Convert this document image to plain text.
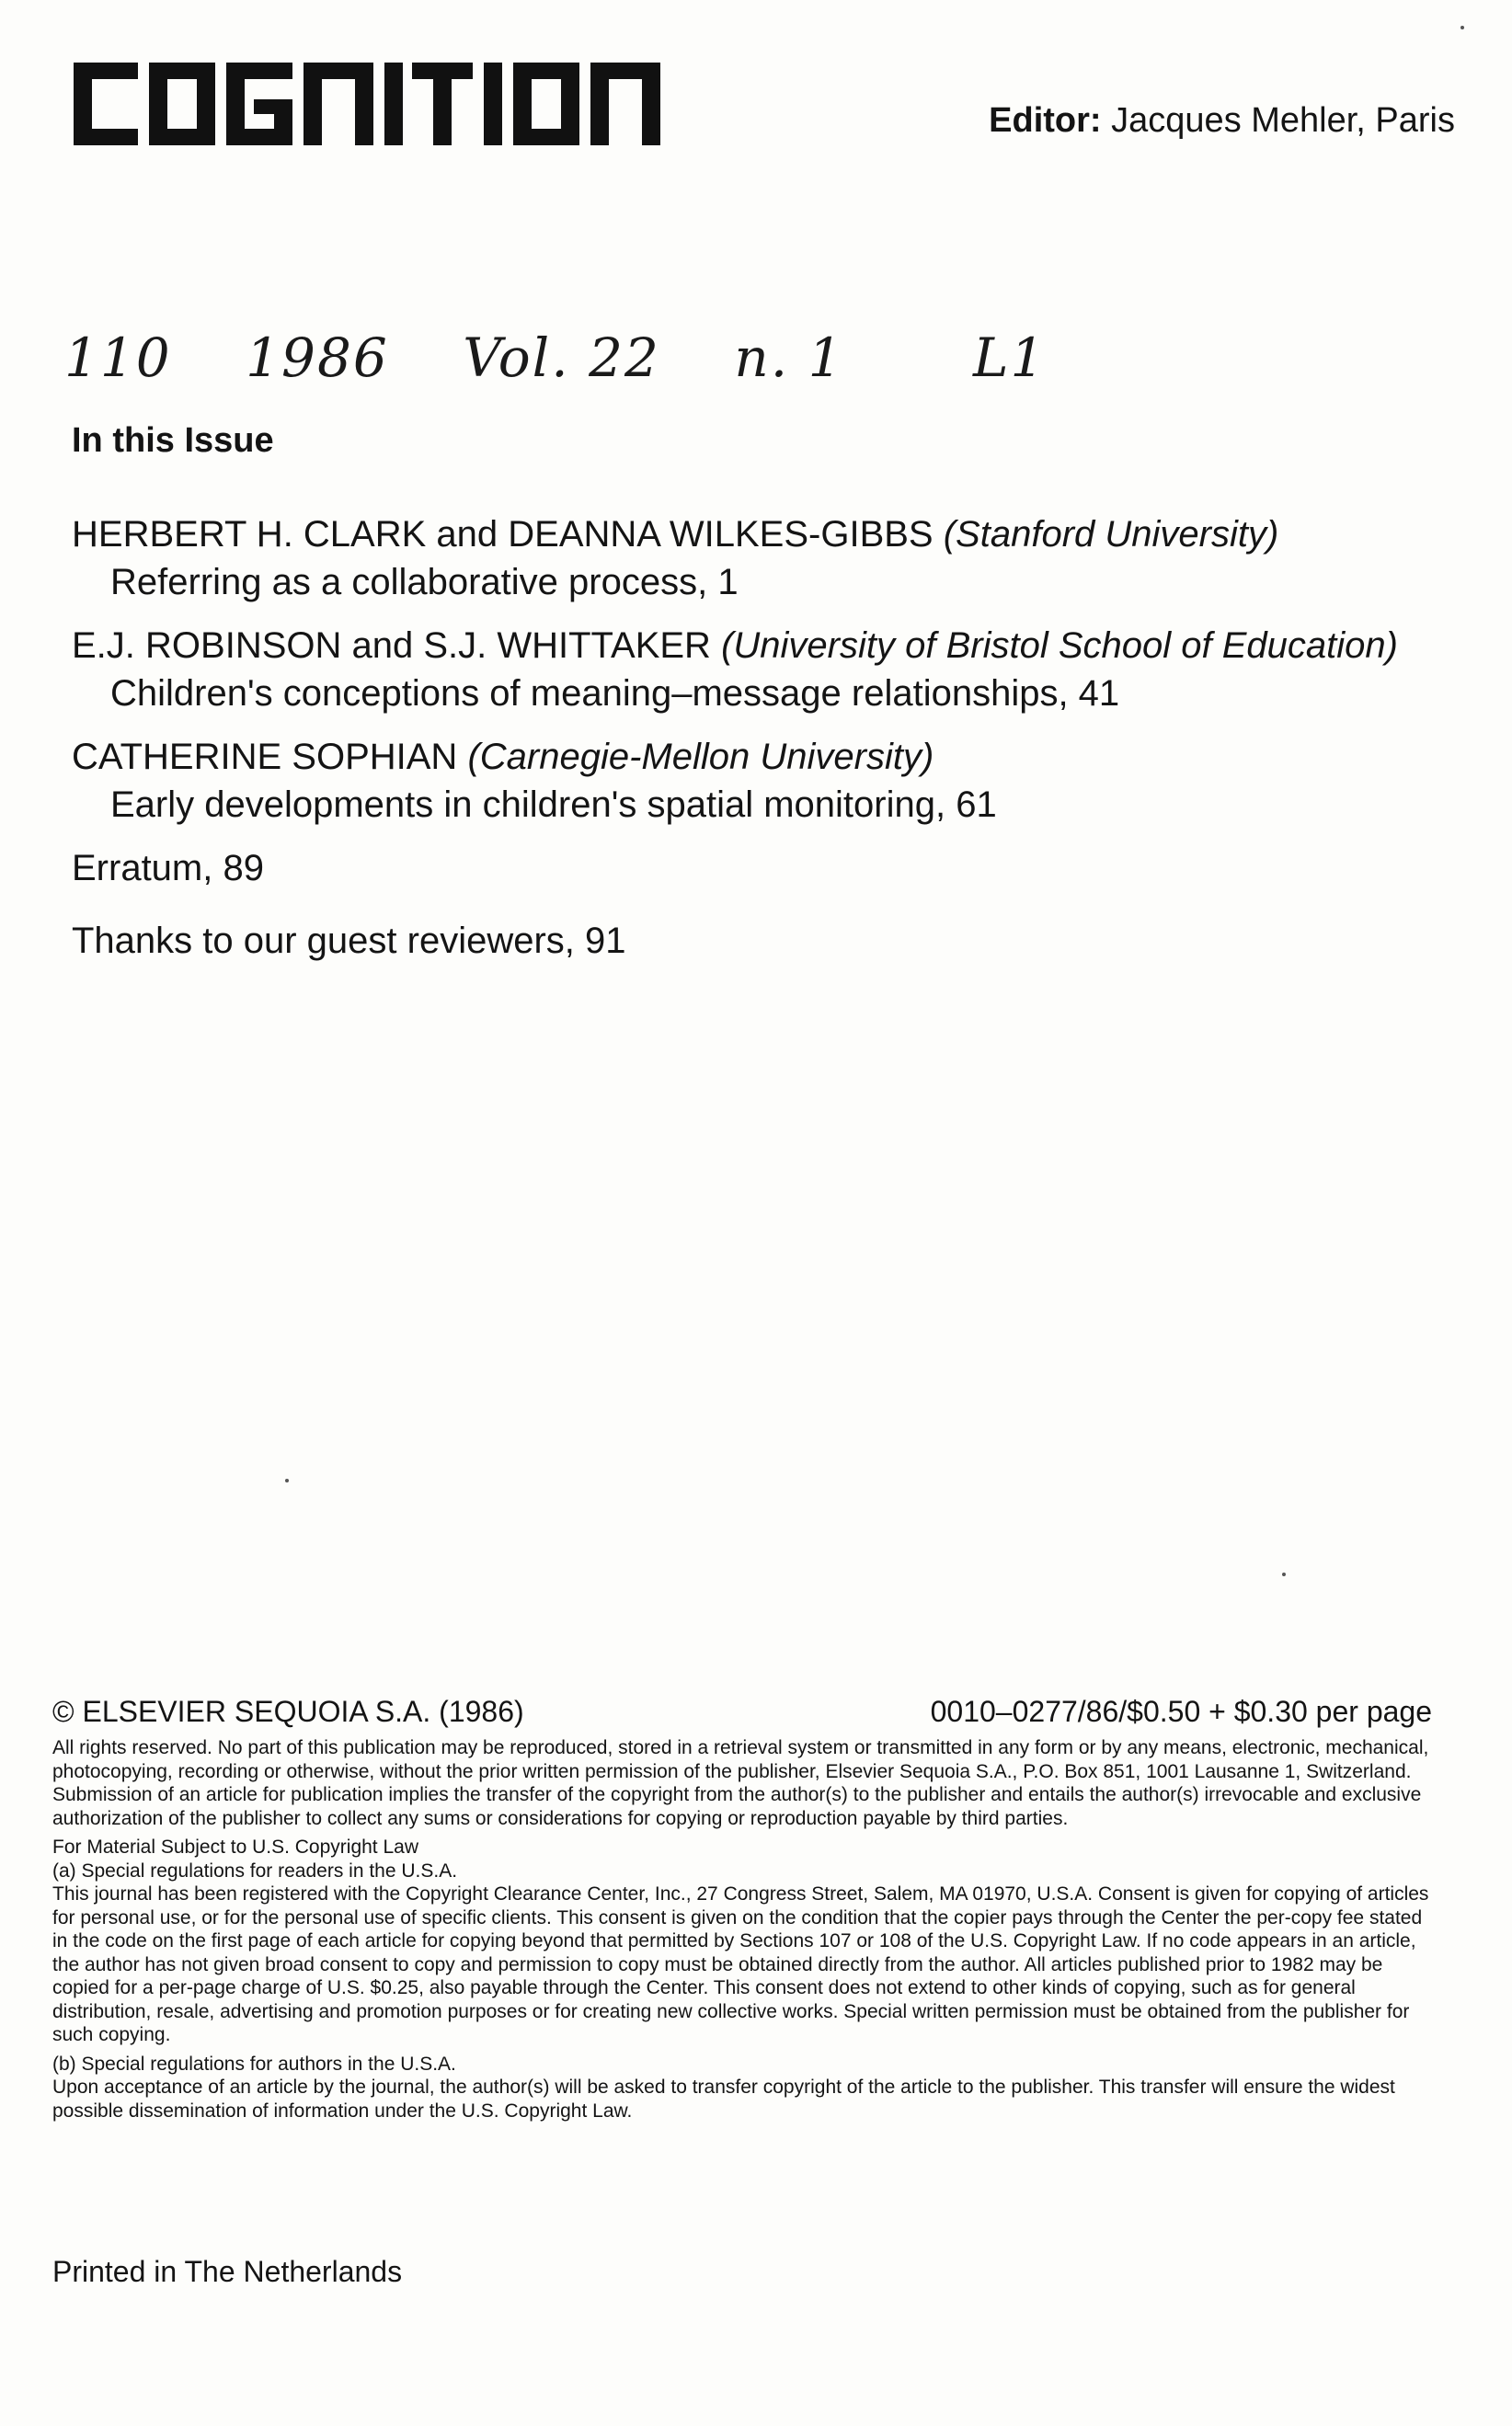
Editor: Jacques Mehler, Paris
110 1986 Vol. 22 n. 1 L1
In this Issue
HERBERT H. CLARK and DEANNA WILKES-GIBBS (Stanford University)
Referring as a collaborative process, 1
E.J. ROBINSON and S.J. WHITTAKER (University of Bristol School of Education)
Children's conceptions of meaning–message relationships, 41
CATHERINE SOPHIAN (Carnegie-Mellon University)
Early developments in children's spatial monitoring, 61
Erratum, 89
Thanks to our guest reviewers, 91
© ELSEVIER SEQUOIA S.A. (1986)	0010–0277/86/$0.50 + $0.30 per page
All rights reserved. No part of this publication may be reproduced, stored in a retrieval system or transmitted in any form or by any means, electronic, mechanical, photocopying, recording or otherwise, without the prior written permission of the publisher, Elsevier Sequoia S.A., P.O. Box 851, 1001 Lausanne 1, Switzerland.
Submission of an article for publication implies the transfer of the copyright from the author(s) to the publisher and entails the author(s) irrevocable and exclusive authorization of the publisher to collect any sums or considerations for copying or reproduction payable by third parties.
For Material Subject to U.S. Copyright Law
(a) Special regulations for readers in the U.S.A.
This journal has been registered with the Copyright Clearance Center, Inc., 27 Congress Street, Salem, MA 01970, U.S.A. Consent is given for copying of articles for personal use, or for the personal use of specific clients. This consent is given on the condition that the copier pays through the Center the per-copy fee stated in the code on the first page of each article for copying beyond that permitted by Sections 107 or 108 of the U.S. Copyright Law. If no code appears in an article, the author has not given broad consent to copy and permission to copy must be obtained directly from the author. All articles published prior to 1982 may be copied for a per-page charge of U.S. $0.25, also payable through the Center. This consent does not extend to other kinds of copying, such as for general distribution, resale, advertising and promotion purposes or for creating new collective works. Special written permission must be obtained from the publisher for such copying.
(b) Special regulations for authors in the U.S.A.
Upon acceptance of an article by the journal, the author(s) will be asked to transfer copyright of the article to the publisher. This transfer will ensure the widest possible dissemination of information under the U.S. Copyright Law.
Printed in The Netherlands
